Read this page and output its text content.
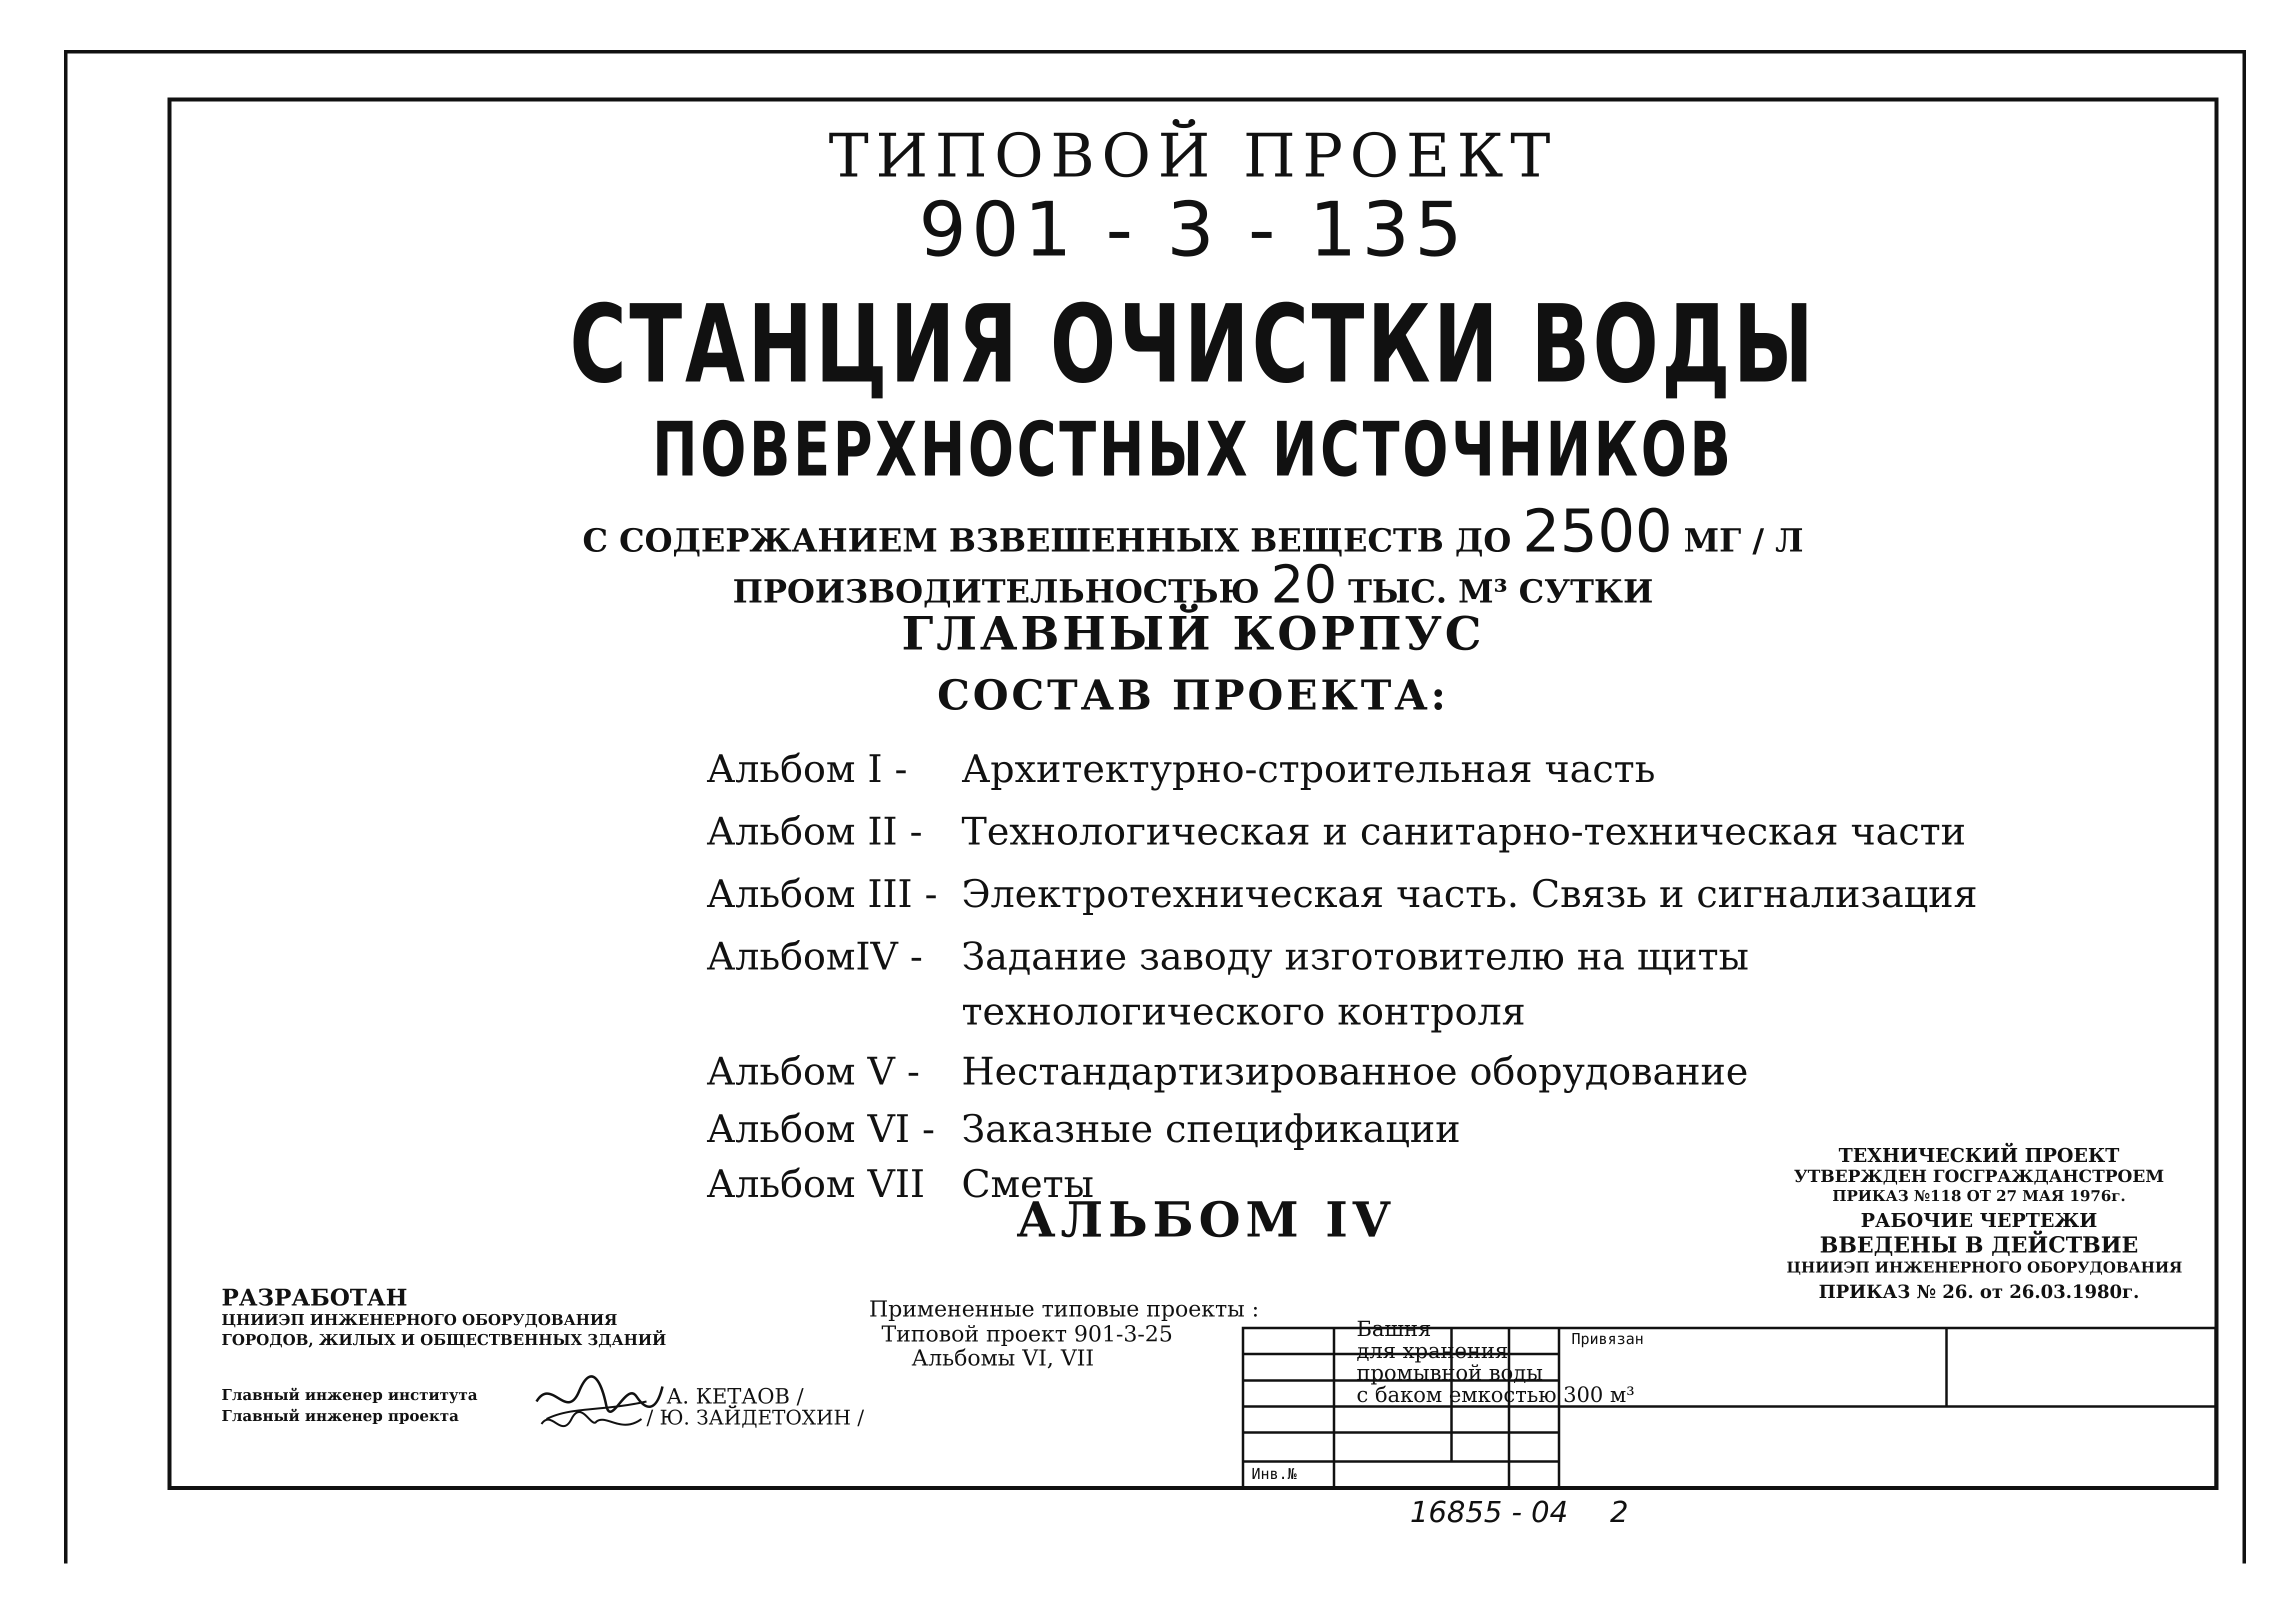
ТИПОВОЙ ПРОЕКТ
901 - 3 - 135
СТАНЦИЯ ОЧИСТКИ ВОДЫ
ПОВЕРХНОСТНЫХ ИСТОЧНИКОВ
С СОДЕРЖАНИЕМ ВЗВЕШЕННЫХ ВЕЩЕСТВ ДО 2500 МГ / Л
ПРОИЗВОДИТЕЛЬНОСТЬЮ 20 ТЫС. М³ СУТКИ
ГЛАВНЫЙ КОРПУС
СОСТАВ ПРОЕКТА:
Альбом I - Архитектурно-строительная часть
Альбом II - Технологическая и санитарно-техническая части
Альбом III - Электротехническая часть. Связь и сигнализация
АльбомIV - Задание заводу изготовителю на щиты
технологического контроля
Альбом V - Нестандартизированное оборудование
Альбом VI - Заказные спецификации
Альбом VII Сметы
АЛЬБОМ IV
Примененные типовые проекты :
Типовой проект 901-3-25
Альбомы VI, VII
Башня
для хранения
промывной воды
с баком емкостью 300 м³
ТЕХНИЧЕСКИЙ ПРОЕКТ
УТВЕРЖДЕН ГОСГРАЖДАНСТРОЕМ
ПРИКАЗ №118 ОТ 27 МАЯ 1976г.
РАБОЧИЕ ЧЕРТЕЖИ
ВВЕДЕНЫ В ДЕЙСТВИЕ
ЦНИИЭП ИНЖЕНЕРНОГО ОБОРУДОВАНИЯ
ПРИКАЗ № 26. от 26.03.1980г.
РАЗРАБОТАН
ЦНИИЭП ИНЖЕНЕРНОГО ОБОРУДОВАНИЯ
ГОРОДОВ, ЖИЛЫХ И ОБЩЕСТВЕННЫХ ЗДАНИЙ
Главный инженер института	А. КЕТАОВ /
Главный инженер проекта	/ Ю. ЗАЙДЕТОХИН /
Привязан
Инв.№
16855 - 04 2
